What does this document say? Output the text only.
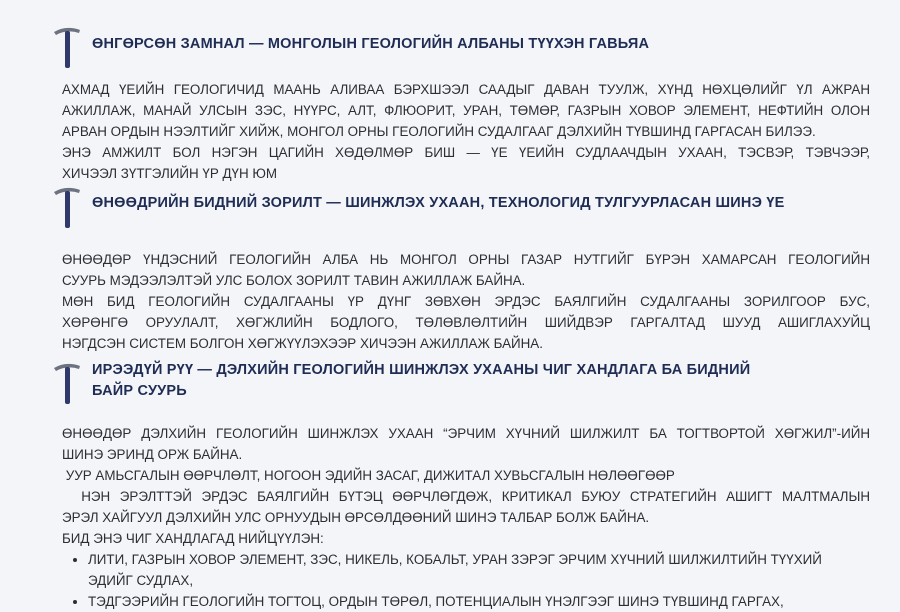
ӨНГӨРСӨН ЗАМНАЛ — МОНГОЛЫН ГЕОЛОГИЙН АЛБАНЫ ТҮҮХЭН ГАВЬЯА

АХМАД ҮЕИЙН ГЕОЛОГИЧИД МААНЬ АЛИВАА БЭРХШЭЭЛ СААДЫГ ДАВАН ТУУЛЖ, ХҮНД НӨХЦӨЛИЙГ ҮЛ АЖРАН
АЖИЛЛАЖ, МАНАЙ УЛСЫН ЗЭС, НҮҮРС, АЛТ, ФЛЮОРИТ, УРАН, ТӨМӨР, ГАЗРЫН ХОВОР ЭЛЕМЕНТ, НЕФТИЙН ОЛОН
АРВАН ОРДЫН НЭЭЛТИЙГ ХИЙЖ, МОНГОЛ ОРНЫ ГЕОЛОГИЙН СУДАЛГААГ ДЭЛХИЙН ТҮВШИНД ГАРГАСАН БИЛЭЭ.
ЭНЭ АМЖИЛТ БОЛ НЭГЭН ЦАГИЙН ХӨДӨЛМӨР БИШ — ҮЕ ҮЕИЙН СУДЛААЧДЫН УХААН, ТЭСВЭР, ТЭВЧЭЭР,
ХИЧЭЭЛ ЗҮТГЭЛИЙН ҮР ДҮН ЮМ

ӨНӨӨДРИЙН БИДНИЙ ЗОРИЛТ — ШИНЖЛЭХ УХААН, ТЕХНОЛОГИД ТУЛГУУРЛАСАН ШИНЭ ҮЕ

ӨНӨӨДӨР ҮНДЭСНИЙ ГЕОЛОГИЙН АЛБА НЬ МОНГОЛ ОРНЫ ГАЗАР НУТГИЙГ БҮРЭН ХАМАРСАН ГЕОЛОГИЙН
СУУРЬ МЭДЭЭЛЭЛТЭЙ УЛС БОЛОХ ЗОРИЛТ ТАВИН АЖИЛЛАЖ БАЙНА.
МӨН БИД ГЕОЛОГИЙН СУДАЛГААНЫ ҮР ДҮНГ ЗӨВХӨН ЭРДЭС БАЯЛГИЙН СУДАЛГААНЫ ЗОРИЛГООР БУС,
ХӨРӨНГӨ ОРУУЛАЛТ, ХӨГЖЛИЙН БОДЛОГО, ТӨЛӨВЛӨЛТИЙН ШИЙДВЭР ГАРГАЛТАД ШУУД АШИГЛАХУЙЦ
НЭГДСЭН СИСТЕМ БОЛГОН ХӨГЖҮҮЛЭХЭЭР ХИЧЭЭН АЖИЛЛАЖ БАЙНА.

ИРЭЭДҮЙ РҮҮ — ДЭЛХИЙН ГЕОЛОГИЙН ШИНЖЛЭХ УХААНЫ ЧИГ ХАНДЛАГА БА БИДНИЙ
БАЙР СУУРЬ

ӨНӨӨДӨР ДЭЛХИЙН ГЕОЛОГИЙН ШИНЖЛЭХ УХААН “ЭРЧИМ ХҮЧНИЙ ШИЛЖИЛТ БА ТОГТВОРТОЙ ХӨГЖИЛ”-ИЙН
ШИНЭ ЭРИНД ОРЖ БАЙНА.
УУР АМЬСГАЛЫН ӨӨРЧЛӨЛТ, НОГООН ЭДИЙН ЗАСАГ, ДИЖИТАЛ ХУВЬСГАЛЫН НӨЛӨӨГӨӨР
НЭН ЭРЭЛТТЭЙ ЭРДЭС БАЯЛГИЙН БҮТЭЦ ӨӨРЧЛӨГДӨЖ, КРИТИКАЛ БУЮУ СТРАТЕГИЙН АШИГТ МАЛТМАЛЫН
ЭРЭЛ ХАЙГУУЛ ДЭЛХИЙН УЛС ОРНУУДЫН ӨРСӨЛДӨӨНИЙ ШИНЭ ТАЛБАР БОЛЖ БАЙНА.
БИД ЭНЭ ЧИГ ХАНДЛАГАД НИЙЦҮҮЛЭН:

• ЛИТИ, ГАЗРЫН ХОВОР ЭЛЕМЕНТ, ЗЭС, НИКЕЛЬ, КОБАЛЬТ, УРАН ЗЭРЭГ ЭРЧИМ ХҮЧНИЙ ШИЛЖИЛТИЙН ТҮҮХИЙ
ЭДИЙГ СУДЛАХ,
• ТЭДГЭЭРИЙН ГЕОЛОГИЙН ТОГТОЦ, ОРДЫН ТӨРӨЛ, ПОТЕНЦИАЛЫН ҮНЭЛГЭЭГ ШИНЭ ТҮВШИНД ГАРГАХ,
